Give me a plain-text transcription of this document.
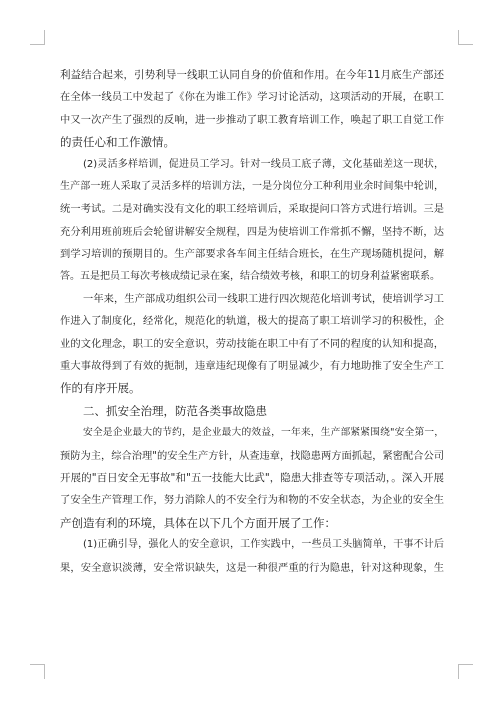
利益结合起来，引势利导一线职工认同自身的价值和作用。在今年11月底生产部还
在全体一线员工中发起了《你在为谁工作》学习讨论活动，这项活动的开展，在职工
中又一次产生了强烈的反响，进一步推动了职工教育培训工作，唤起了职工自觉工作
的责任心和工作激情。
(2)灵活多样培训，促进员工学习。针对一线员工底子薄，文化基础差这一现状，
生产部一班人采取了灵活多样的培训方法，一是分岗位分工种利用业余时间集中轮训，
统一考试。二是对确实没有文化的职工经培训后，采取提问口答方式进行培训。三是
充分利用班前班后会轮留讲解安全规程，四是为使培训工作常抓不懈，坚持不断，达
到学习培训的预期目的。生产部要求各车间主任结合班长，在生产现场随机提问，解
答。五是把员工每次考核成绩记录在案，结合绩效考核，和职工的切身利益紧密联系。
一年来，生产部成功组织公司一线职工进行四次规范化培训考试，使培训学习工
作进入了制度化，经常化，规范化的轨道，极大的提高了职工培训学习的积极性，企
业的文化理念，职工的安全意识，劳动技能在职工中有了不同的程度的认知和提高，
重大事故得到了有效的扼制，违章违纪现像有了明显减少，有力地助推了安全生产工
作的有序开展。
二、抓安全治理，防范各类事故隐患
安全是企业最大的节约，是企业最大的效益，一年来，生产部紧紧围绕"安全第一，
预防为主，综合治理"的安全生产方针，从查违章，找隐患两方面抓起，紧密配合公司
开展的"百日安全无事故"和"五一技能大比武"，隐患大排查等专项活动，。深入开展
了安全生产管理工作，努力消除人的不安全行为和物的不安全状态，为企业的安全生
产创造有利的环境，具体在以下几个方面开展了工作：
(1)正确引导，强化人的安全意识，工作实践中，一些员工头脑简单，干事不计后
果，安全意识淡薄，安全常识缺失，这是一种很严重的行为隐患，针对这种现象，生
